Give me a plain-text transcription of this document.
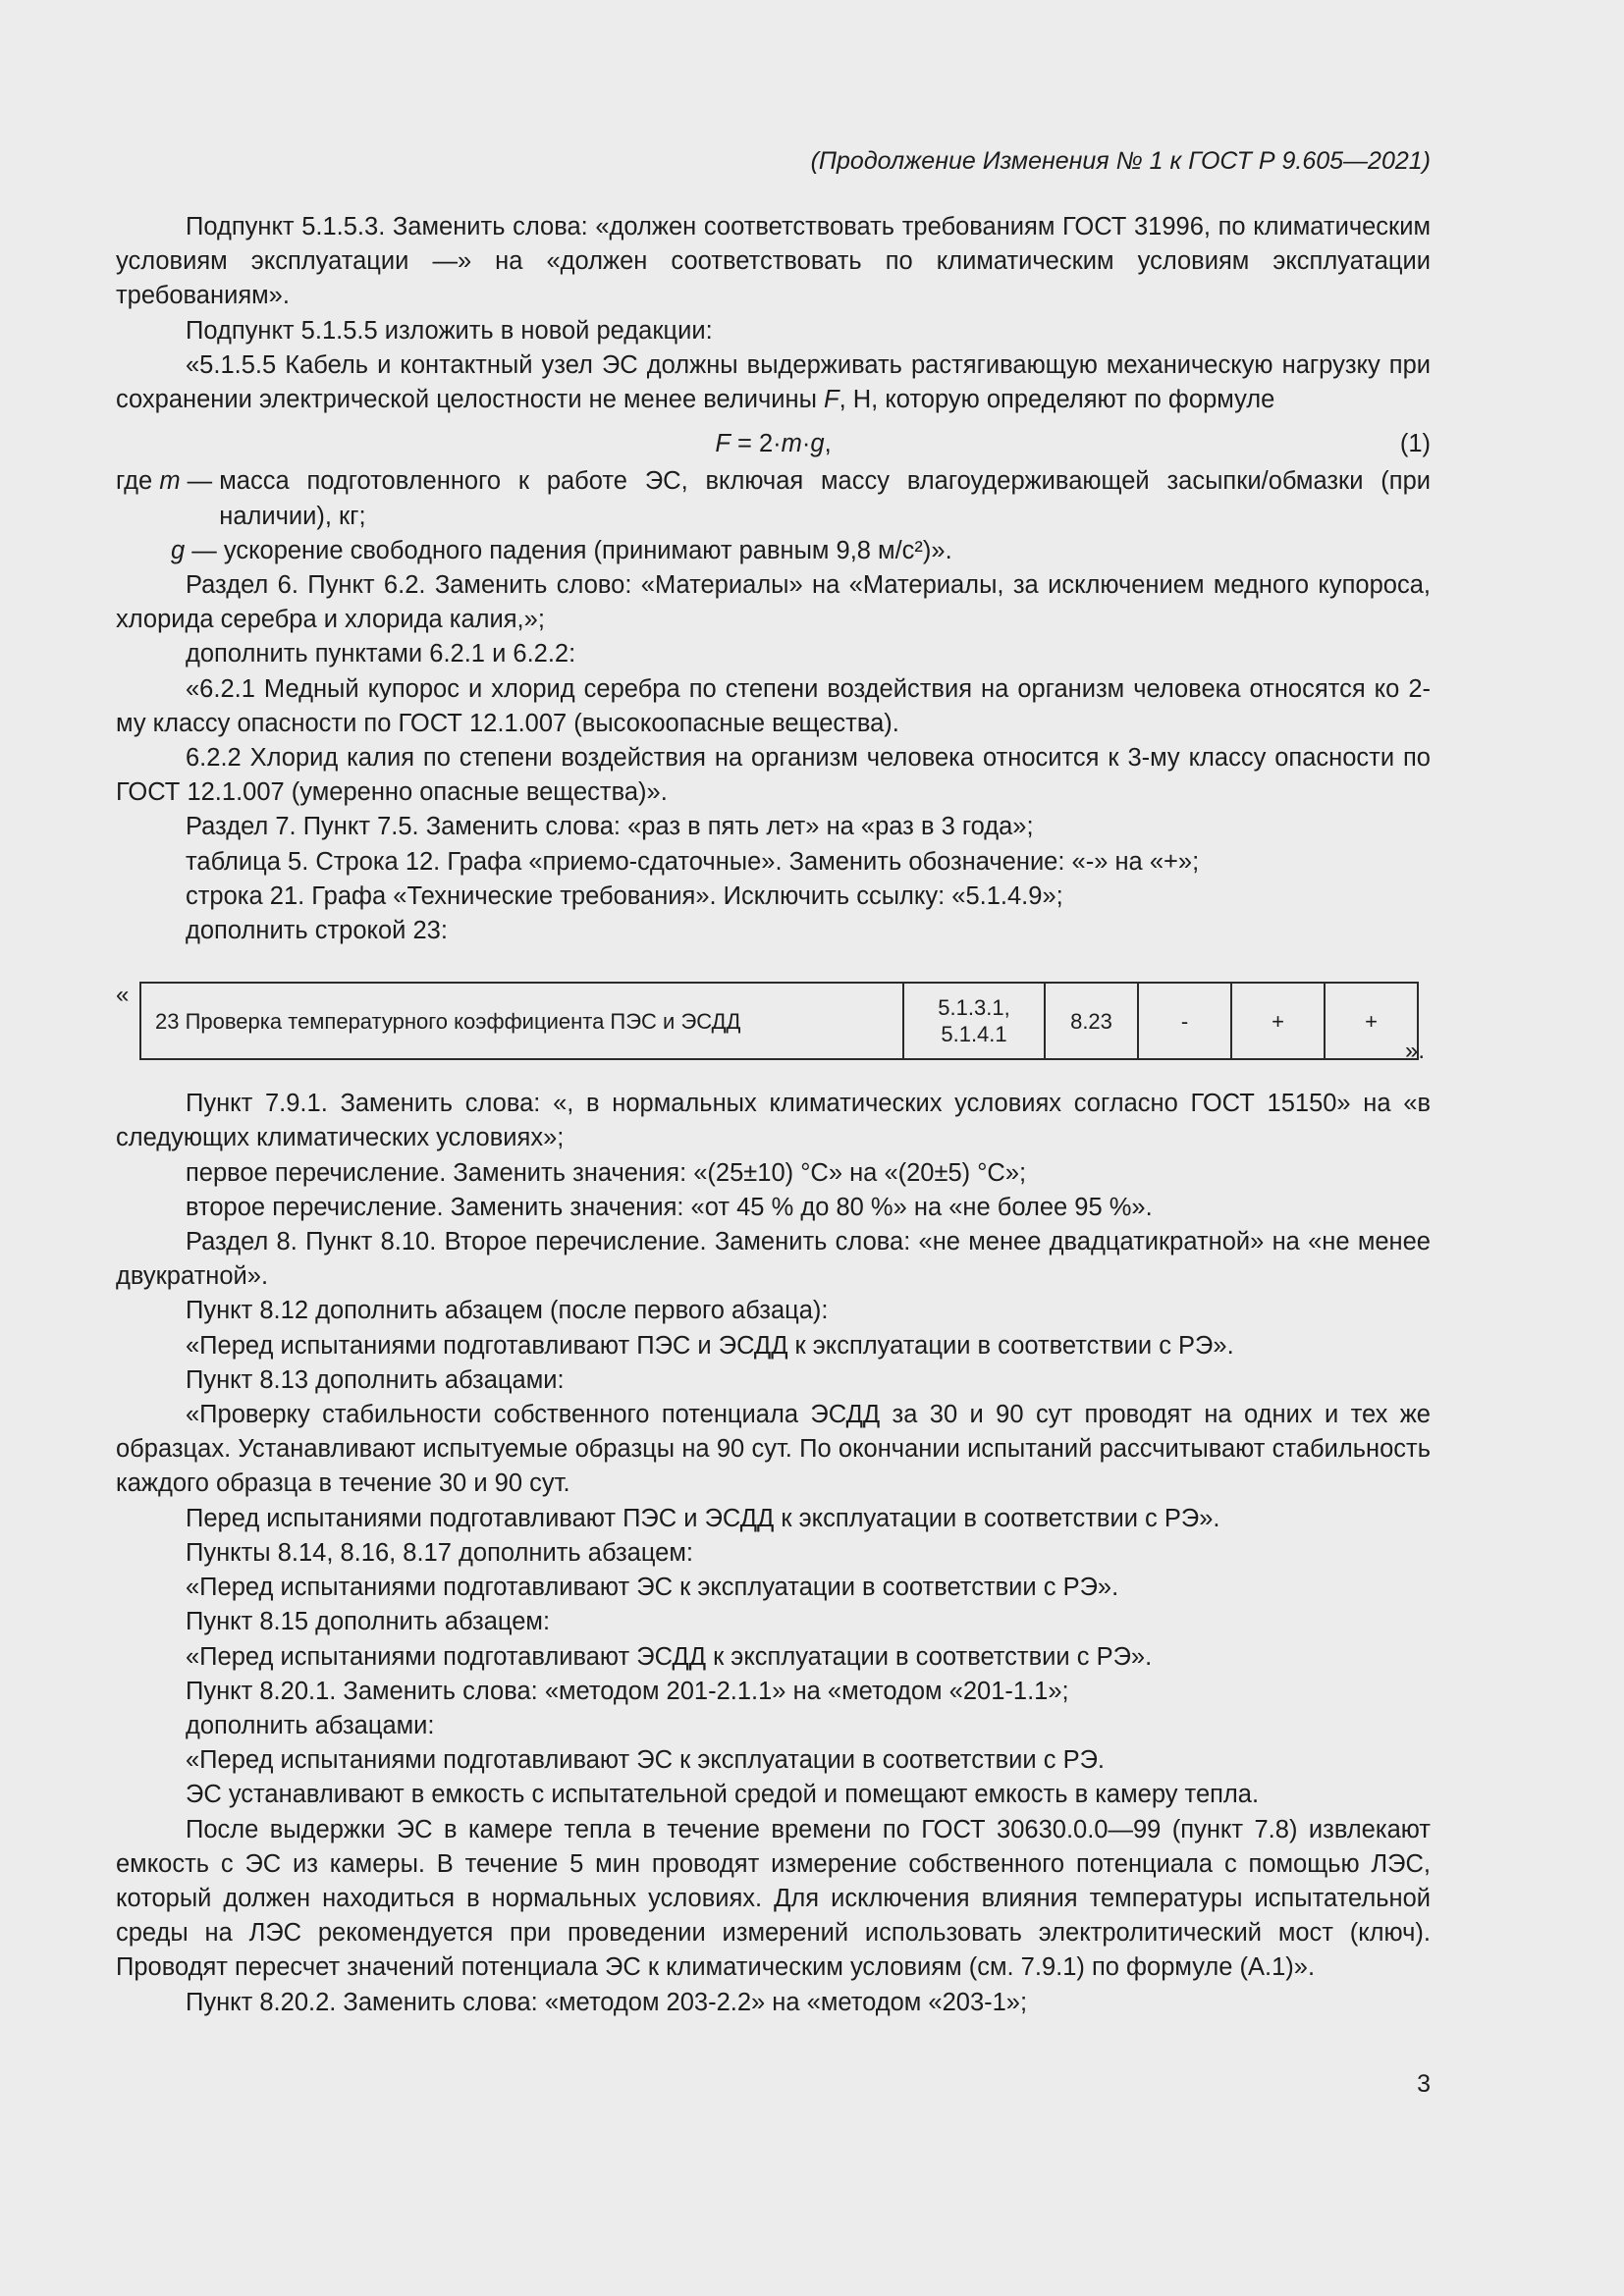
(Продолжение Изменения № 1 к ГОСТ Р 9.605—2021)

Подпункт 5.1.5.3. Заменить слова: «должен соответствовать требованиям ГОСТ 31996, по климатическим условиям эксплуатации —» на «должен соответствовать по климатическим условиям эксплуатации требованиям».

Подпункт 5.1.5.5 изложить в новой редакции:

«5.1.5.5 Кабель и контактный узел ЭС должны выдерживать растягивающую механическую нагрузку при сохранении электрической целостности не менее величины F, Н, которую определяют по формуле

F = 2·m·g,	(1)
где m — масса подготовленного к работе ЭС, включая массу влагоудерживающей засыпки/обмазки (при наличии), кг;
g — ускорение свободного падения (принимают равным 9,8 м/с²)».

Раздел 6. Пункт 6.2. Заменить слово: «Материалы» на «Материалы, за исключением медного купороса, хлорида серебра и хлорида калия,»;

дополнить пунктами 6.2.1 и 6.2.2:

«6.2.1 Медный купорос и хлорид серебра по степени воздействия на организм человека относятся ко 2-му классу опасности по ГОСТ 12.1.007 (высокоопасные вещества).

6.2.2 Хлорид калия по степени воздействия на организм человека относится к 3-му классу опасности по ГОСТ 12.1.007 (умеренно опасные вещества)».

Раздел 7. Пункт 7.5. Заменить слова: «раз в пять лет» на «раз в 3 года»;

таблица 5. Строка 12. Графа «приемо-сдаточные». Заменить обозначение: «-» на «+»;

строка 21. Графа «Технические требования». Исключить ссылку: «5.1.4.9»;

дополнить строкой 23:

«
23 Проверка температурного коэффициента ПЭС и ЭСДД	5.1.3.1,
5.1.4.1	8.23	-	+	+
».

Пункт 7.9.1. Заменить слова: «, в нормальных климатических условиях согласно ГОСТ 15150» на «в следующих климатических условиях»;

первое перечисление. Заменить значения: «(25±10) °С» на «(20±5) °С»;

второе перечисление. Заменить значения: «от 45 % до 80 %» на «не более 95 %».

Раздел 8. Пункт 8.10. Второе перечисление. Заменить слова: «не менее двадцатикратной» на «не менее двукратной».

Пункт 8.12 дополнить абзацем (после первого абзаца):

«Перед испытаниями подготавливают ПЭС и ЭСДД к эксплуатации в соответствии с РЭ».

Пункт 8.13 дополнить абзацами:

«Проверку стабильности собственного потенциала ЭСДД за 30 и 90 сут проводят на одних и тех же образцах. Устанавливают испытуемые образцы на 90 сут. По окончании испытаний рассчитывают стабильность каждого образца в течение 30 и 90 сут.

Перед испытаниями подготавливают ПЭС и ЭСДД к эксплуатации в соответствии с РЭ».

Пункты 8.14, 8.16, 8.17 дополнить абзацем:

«Перед испытаниями подготавливают ЭС к эксплуатации в соответствии с РЭ».

Пункт 8.15 дополнить абзацем:

«Перед испытаниями подготавливают ЭСДД к эксплуатации в соответствии с РЭ».

Пункт 8.20.1. Заменить слова: «методом 201-2.1.1» на «методом «201-1.1»;

дополнить абзацами:

«Перед испытаниями подготавливают ЭС к эксплуатации в соответствии с РЭ.

ЭС устанавливают в емкость с испытательной средой и помещают емкость в камеру тепла.

После выдержки ЭС в камере тепла в течение времени по ГОСТ 30630.0.0—99 (пункт 7.8) извлекают емкость с ЭС из камеры. В течение 5 мин проводят измерение собственного потенциала с помощью ЛЭС, который должен находиться в нормальных условиях. Для исключения влияния температуры испытательной среды на ЛЭС рекомендуется при проведении измерений использовать электролитический мост (ключ). Проводят пересчет значений потенциала ЭС к климатическим условиям (см. 7.9.1) по формуле (А.1)».

Пункт 8.20.2. Заменить слова: «методом 203-2.2» на «методом «203-1»;

3
